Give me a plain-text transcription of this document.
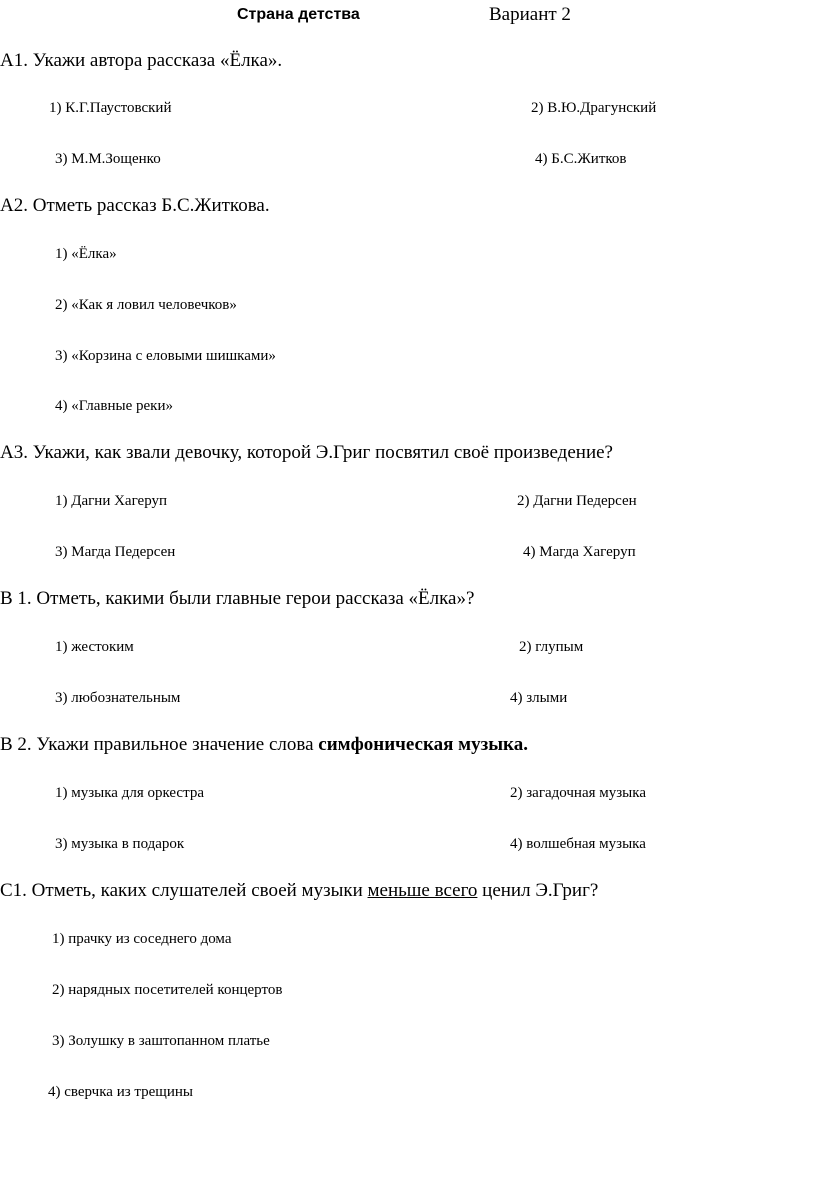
Страна детства	Вариант 2
А1. Укажи автора рассказа «Ёлка».
1) К.Г.Паустовский	2) В.Ю.Драгунский
3) М.М.Зощенко	4) Б.С.Житков
А2. Отметь рассказ Б.С.Житкова.
1) «Ёлка»
2) «Как я ловил человечков»
3) «Корзина с еловыми шишками»
4) «Главные реки»
А3. Укажи, как звали девочку, которой Э.Григ посвятил своё произведение?
1) Дагни Хагеруп	2) Дагни Педерсен
3) Магда Педерсен	4) Магда Хагеруп
В 1. Отметь, какими были главные герои рассказа «Ёлка»?
1) жестоким	2) глупым
3) любознательным	4) злыми
В 2. Укажи правильное значение слова симфоническая музыка.
1) музыка для оркестра	2) загадочная музыка
3) музыка в подарок	4) волшебная музыка
С1. Отметь, каких слушателей своей музыки меньше всего ценил Э.Григ?
1) прачку из соседнего дома
2) нарядных посетителей концертов
3) Золушку в заштопанном платье
4) сверчка из трещины
